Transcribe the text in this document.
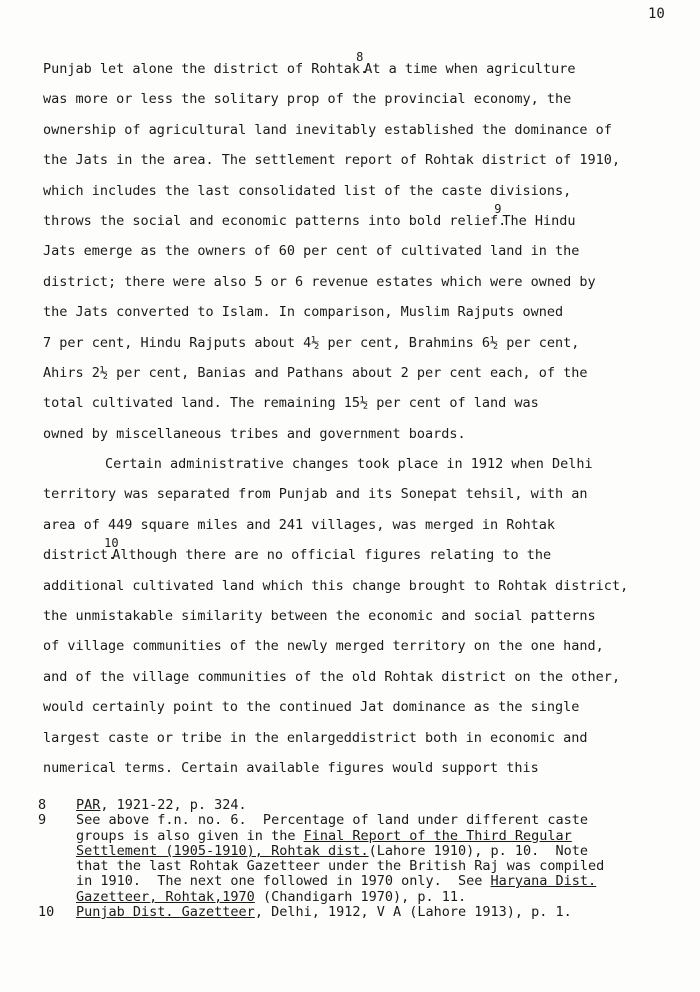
10
Punjab let alone the district of Rohtak.$^8$ At a time when agriculture
was more or less the solitary prop of the provincial economy, the
ownership of agricultural land inevitably established the dominance of
the Jats in the area. The settlement report of Rohtak district of 1910,
which includes the last consolidated list of the caste divisions,
throws the social and economic patterns into bold relief.$^9$ The Hindu
Jats emerge as the owners of 60 per cent of cultivated land in the
district; there were also 5 or 6 revenue estates which were owned by
the Jats converted to Islam. In comparison, Muslim Rajputs owned
7 per cent, Hindu Rajputs about 4½ per cent, Brahmins 6½ per cent,
Ahirs 2½ per cent, Banias and Pathans about 2 per cent each, of the
total cultivated land. The remaining 15½ per cent of land was
owned by miscellaneous tribes and government boards.
Certain administrative changes took place in 1912 when Delhi
territory was separated from Punjab and its Sonepat tehsil, with an
area of 449 square miles and 241 villages, was merged in Rohtak
district.$^{10}$ Although there are no official figures relating to the
additional cultivated land which this change brought to Rohtak district,
the unmistakable similarity between the economic and social patterns
of village communities of the newly merged territory on the one hand,
and of the village communities of the old Rohtak district on the other,
would certainly point to the continued Jat dominance as the single
largest caste or tribe in the enlargeddistrict both in economic and
numerical terms. Certain available figures would support this
8	PAR, 1921-22, p. 324.
9	See above f.n. no. 6.  Percentage of land under different caste
groups is also given in the Final Report of the Third Regular
Settlement (1905-1910), Rohtak dist.(Lahore 1910), p. 10.  Note
that the last Rohtak Gazetteer under the British Raj was compiled
in 1910.  The next one followed in 1970 only.  See Haryana Dist.
Gazetteer, Rohtak,1970 (Chandigarh 1970), p. 11.
10	Punjab Dist. Gazetteer, Delhi, 1912, V A (Lahore 1913), p. 1.
